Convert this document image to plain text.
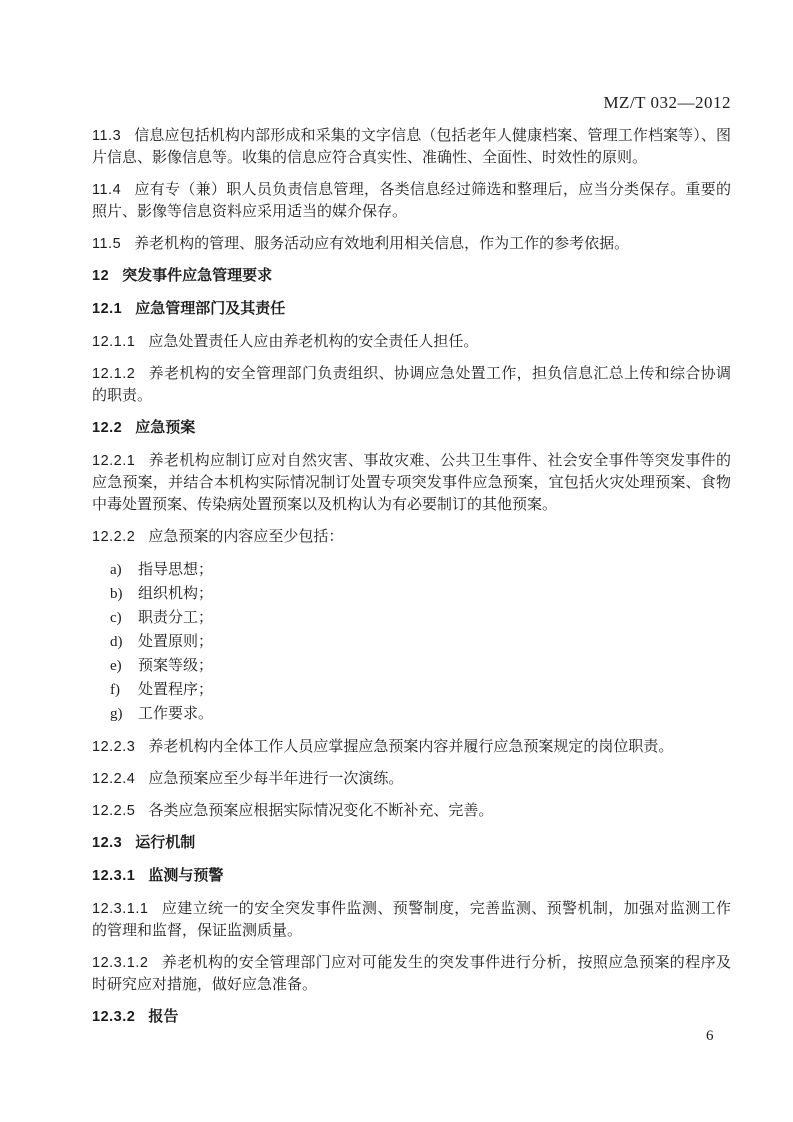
MZ/T 032—2012

11.3 信息应包括机构内部形成和采集的文字信息（包括老年人健康档案、管理工作档案等）、图片信息、影像信息等。收集的信息应符合真实性、准确性、全面性、时效性的原则。

11.4 应有专（兼）职人员负责信息管理，各类信息经过筛选和整理后，应当分类保存。重要的照片、影像等信息资料应采用适当的媒介保存。

11.5 养老机构的管理、服务活动应有效地利用相关信息，作为工作的参考依据。

12 突发事件应急管理要求

12.1 应急管理部门及其责任

12.1.1 应急处置责任人应由养老机构的安全责任人担任。

12.1.2 养老机构的安全管理部门负责组织、协调应急处置工作，担负信息汇总上传和综合协调的职责。

12.2 应急预案

12.2.1 养老机构应制订应对自然灾害、事故灾难、公共卫生事件、社会安全事件等突发事件的应急预案，并结合本机构实际情况制订处置专项突发事件应急预案，宜包括火灾处理预案、食物中毒处置预案、传染病处置预案以及机构认为有必要制订的其他预案。

12.2.2 应急预案的内容应至少包括：

a) 指导思想；
b) 组织机构；
c) 职责分工；
d) 处置原则；
e) 预案等级；
f) 处置程序；
g) 工作要求。

12.2.3 养老机构内全体工作人员应掌握应急预案内容并履行应急预案规定的岗位职责。

12.2.4 应急预案应至少每半年进行一次演练。

12.2.5 各类应急预案应根据实际情况变化不断补充、完善。

12.3 运行机制

12.3.1 监测与预警

12.3.1.1 应建立统一的安全突发事件监测、预警制度，完善监测、预警机制，加强对监测工作的管理和监督，保证监测质量。

12.3.1.2 养老机构的安全管理部门应对可能发生的突发事件进行分析，按照应急预案的程序及时研究应对措施，做好应急准备。

12.3.2 报告

6
